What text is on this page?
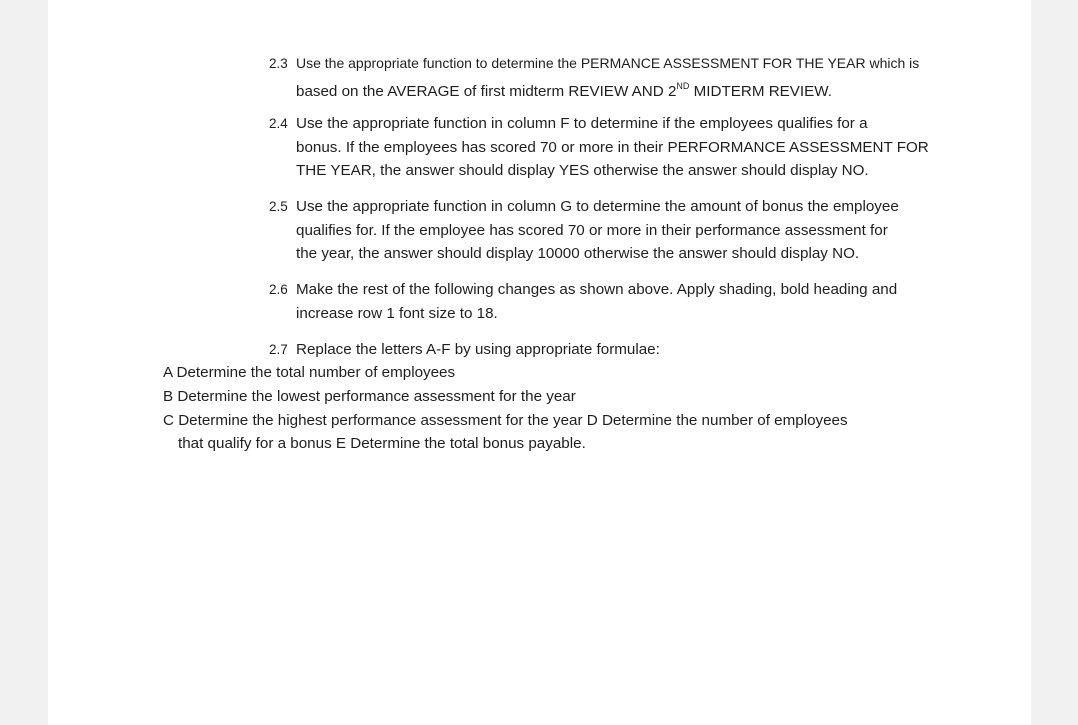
2.3 Use the appropriate function to determine the PERMANCE ASSESSMENT FOR THE YEAR which is
based on the AVERAGE of first midterm REVIEW AND 2ND MIDTERM REVIEW.
2.4 Use the appropriate function in column F to determine if the employees qualifies for a
bonus. If the employees has scored 70 or more in their PERFORMANCE ASSESSMENT FOR
THE YEAR, the answer should display YES otherwise the answer should display NO.
2.5 Use the appropriate function in column G to determine the amount of bonus the employee
qualifies for. If the employee has scored 70 or more in their performance assessment for
the year, the answer should display 10000 otherwise the answer should display NO.
2.6 Make the rest of the following changes as shown above. Apply shading, bold heading and
increase row 1 font size to 18.
2.7 Replace the letters A-F by using appropriate formulae:
A Determine the total number of employees
B Determine the lowest performance assessment for the year
C Determine the highest performance assessment for the year D Determine the number of employees
that qualify for a bonus E Determine the total bonus payable.
